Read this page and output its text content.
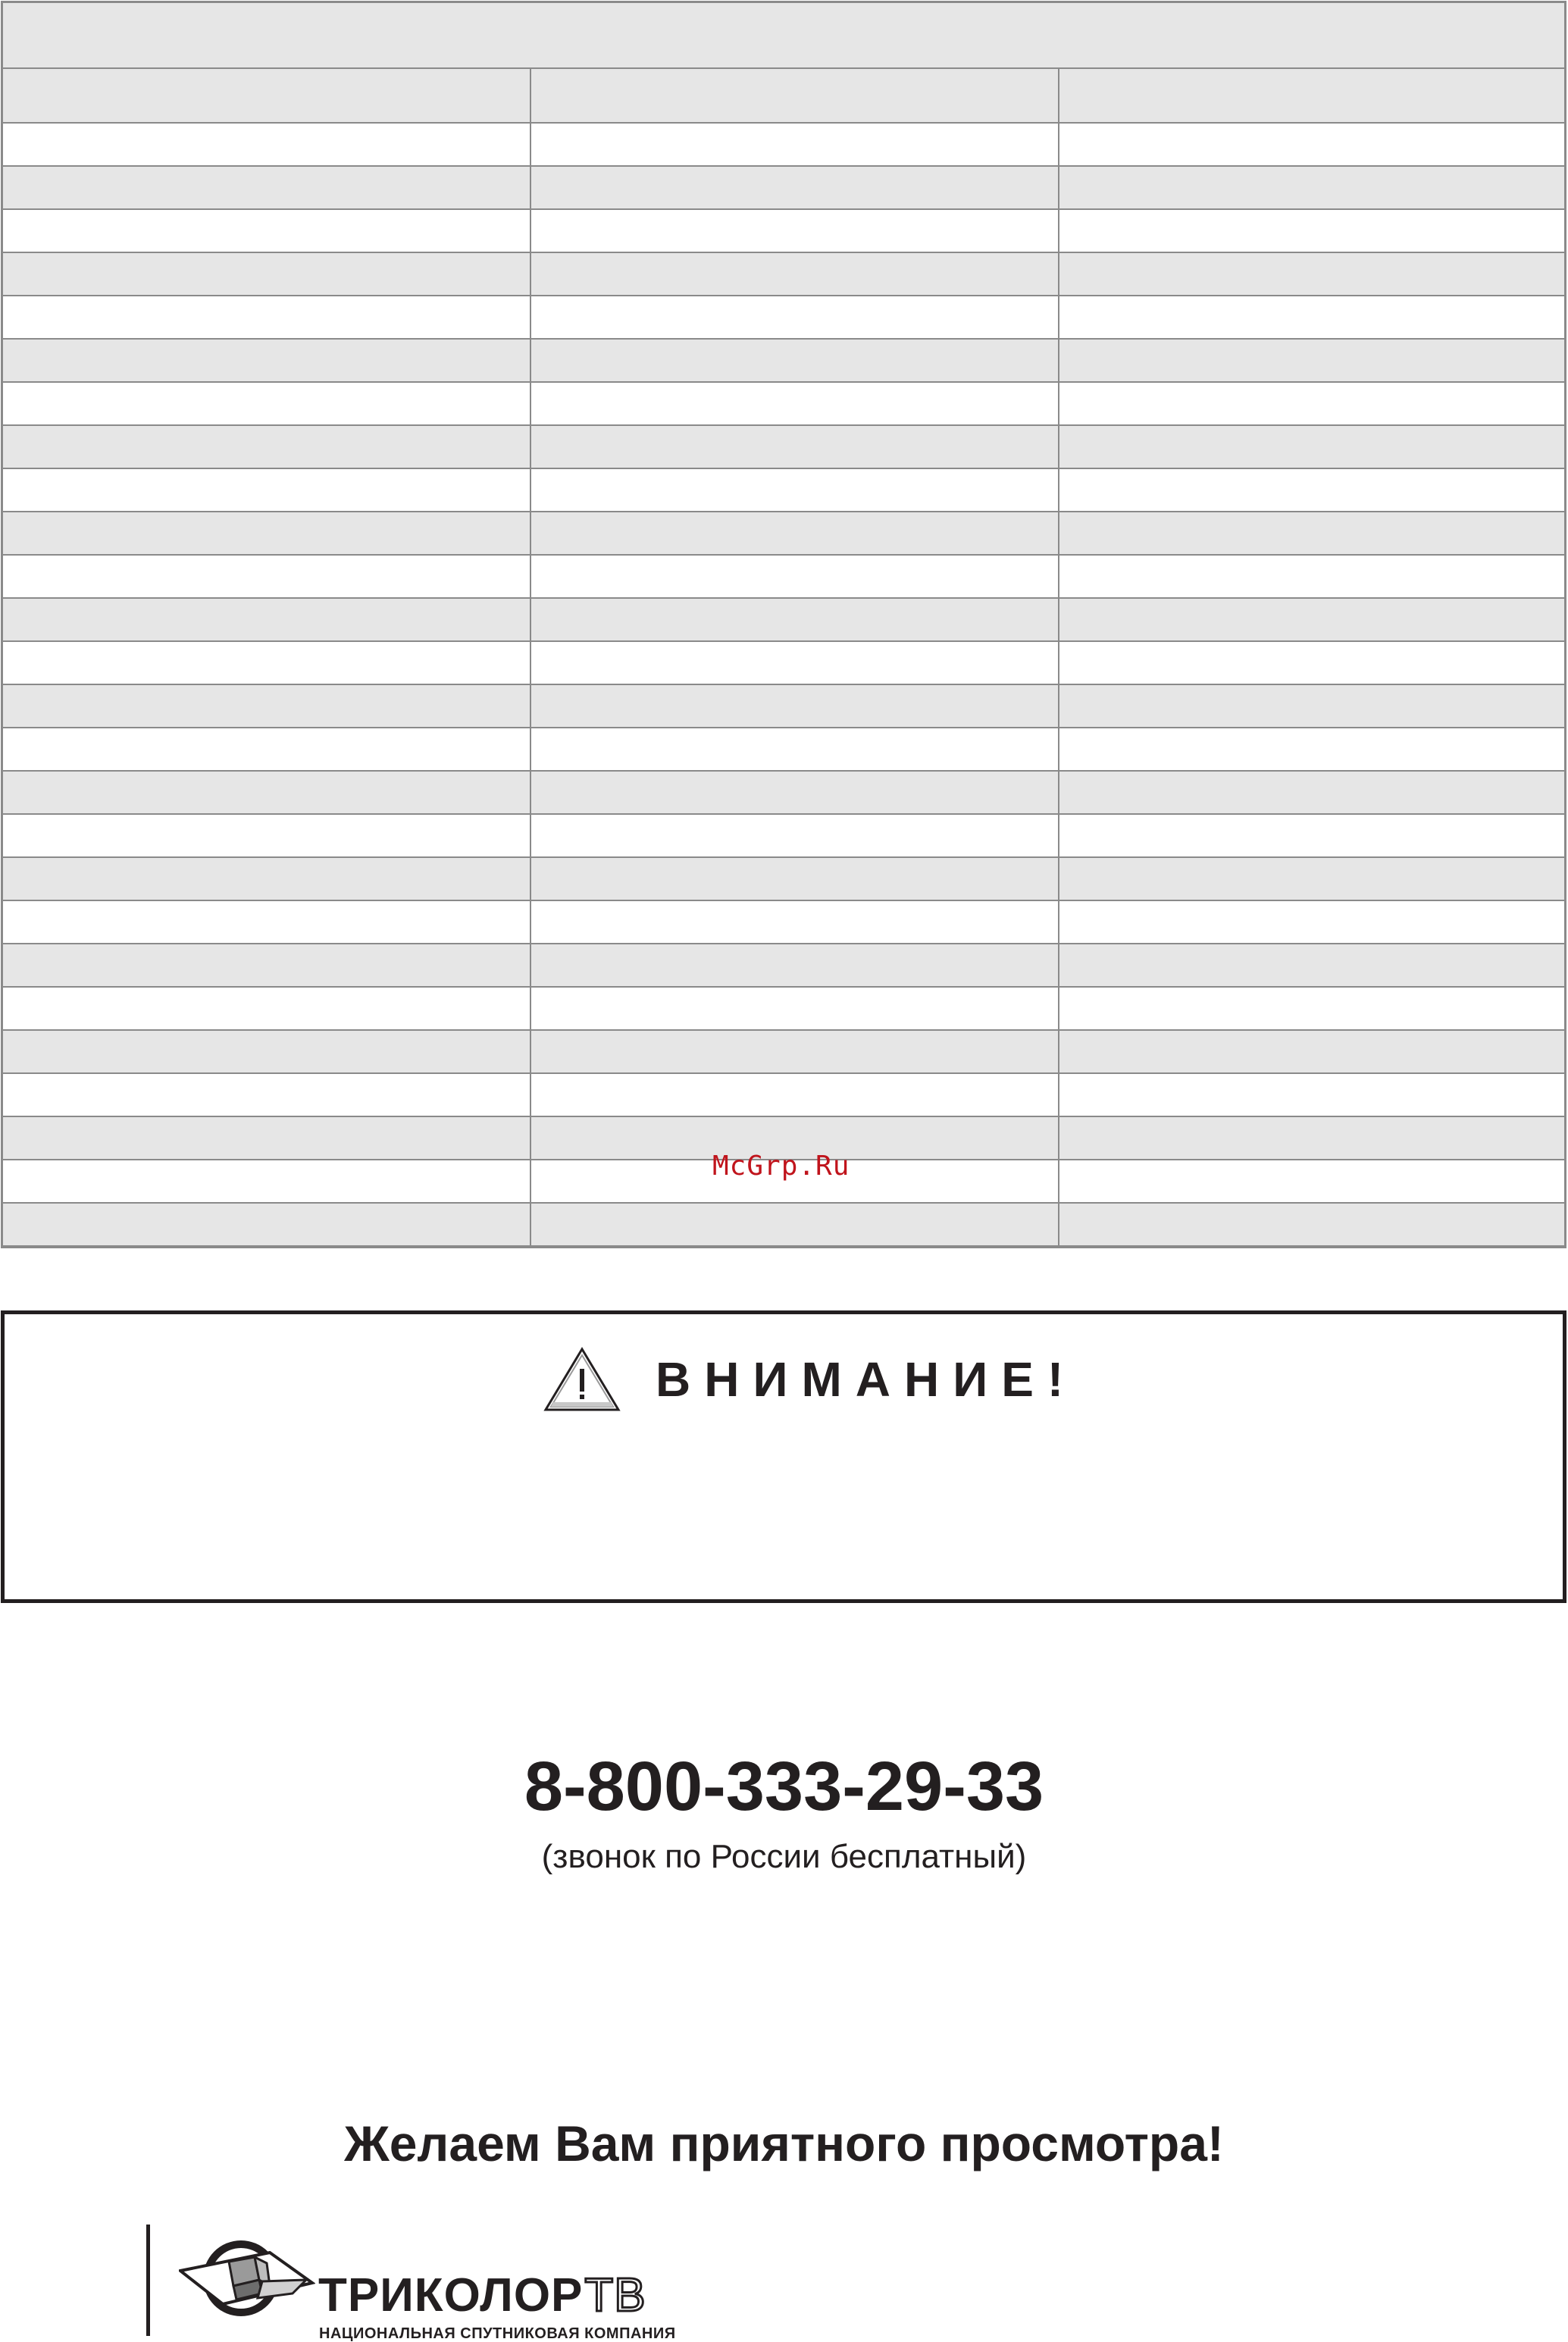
McGrp.Ru
ВНИМАНИЕ!
8-800-333-29-33
(звонок по России бесплатный)
Желаем Вам приятного просмотра!
ТРИКОЛОРТВ
НАЦИОНАЛЬНАЯ СПУТНИКОВАЯ КОМПАНИЯ
